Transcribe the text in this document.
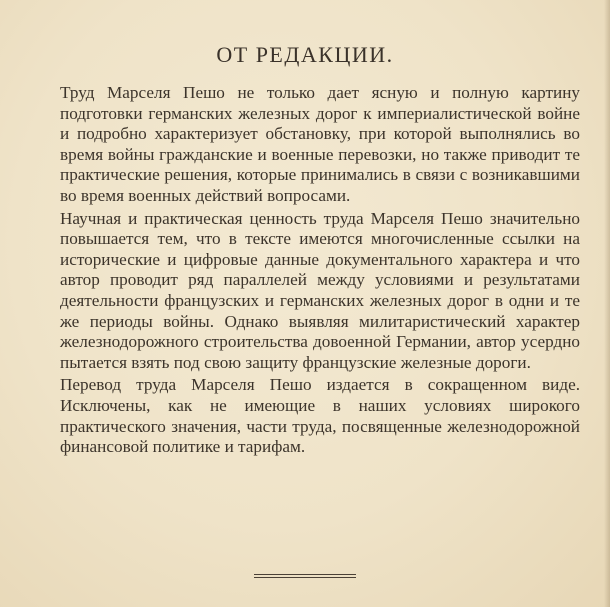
ОТ РЕДАКЦИИ.

Труд Марселя Пешо не только дает ясную и полную картину подготовки германских железных дорог к империалистической войне и подробно характеризует обстановку, при которой выполнялись во время войны гражданские и военные перевозки, но также приводит те практические решения, которые принимались в связи с возникавшими во время военных действий вопросами.

Научная и практическая ценность труда Марселя Пешо значительно повышается тем, что в тексте имеются многочисленные ссылки на исторические и цифровые данные документального характера и что автор проводит ряд параллелей между условиями и результатами деятельности французских и германских железных дорог в одни и те же периоды войны. Однако выявляя милитаристический характер железнодорожного строительства довоенной Германии, автор усердно пытается взять под свою защиту французские железные дороги.

Перевод труда Марселя Пешо издается в сокращенном виде. Исключены, как не имеющие в наших условиях широкого практического значения, части труда, посвященные железнодорожной финансовой политике и тарифам.
